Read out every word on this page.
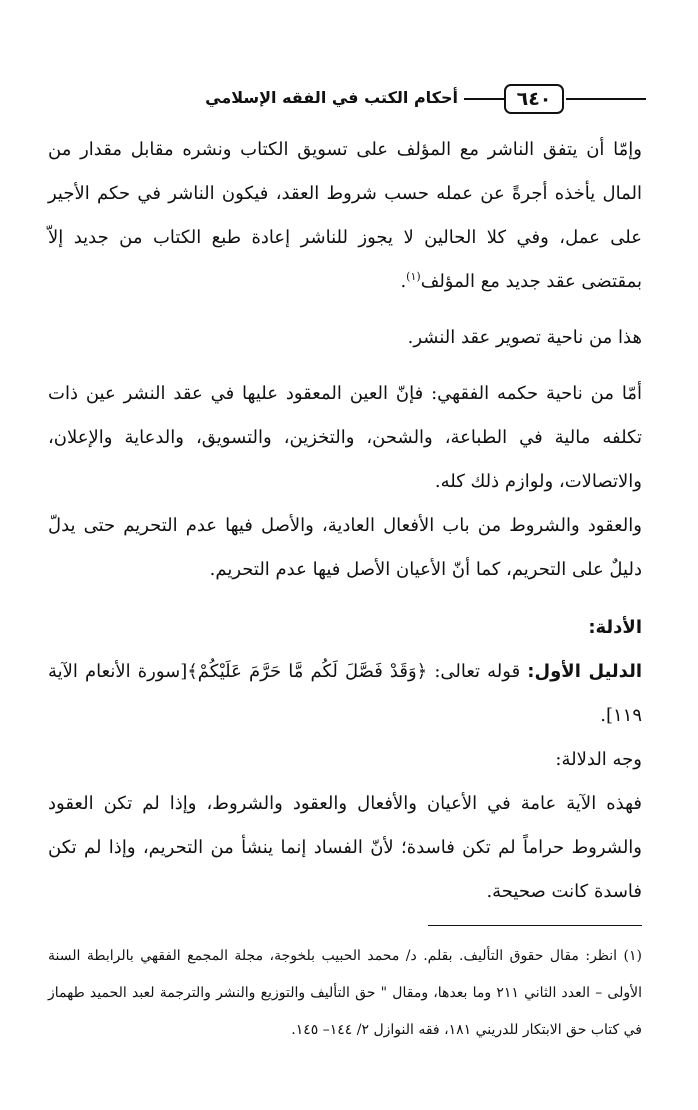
٦٤٠
أحكام الكتب في الفقه الإسلامي

وإمّا أن يتفق الناشر مع المؤلف على تسويق الكتاب ونشره مقابل مقدار من المال يأخذه أجرةً عن عمله حسب شروط العقد، فيكون الناشر في حكم الأجير على عمل، وفي كلا الحالين لا يجوز للناشر إعادة طبع الكتاب من جديد إلاّ بمقتضى عقد جديد مع المؤلف$^{(١)}$.

هذا من ناحية تصوير عقد النشر.

أمّا من ناحية حكمه الفقهي: فإنّ العين المعقود عليها في عقد النشر عين ذات تكلفه مالية في الطباعة، والشحن، والتخزين، والتسويق، والدعاية والإعلان، والاتصالات، ولوازم ذلك كله.

والعقود والشروط من باب الأفعال العادية، والأصل فيها عدم التحريم حتى يدلّ دليلٌ على التحريم، كما أنّ الأعيان الأصل فيها عدم التحريم.

الأدلة:

الدليل الأول: قوله تعالى: ﴿وَقَدْ فَصَّلَ لَكُم مَّا حَرَّمَ عَلَيْكُمْ﴾[سورة الأنعام الآية ١١٩].

وجه الدلالة:

فهذه الآية عامة في الأعيان والأفعال والعقود والشروط، وإذا لم تكن العقود والشروط حراماً لم تكن فاسدة؛ لأنّ الفساد إنما ينشأ من التحريم، وإذا لم تكن فاسدة كانت صحيحة.

(١) انظر: مقال حقوق التأليف. بقلم. د/ محمد الحبيب بلخوجة، مجلة المجمع الفقهي بالرابطة السنة الأولى – العدد الثاني ٢١١ وما بعدها، ومقال " حق التأليف والتوزيع والنشر والترجمة لعبد الحميد طهماز في كتاب حق الابتكار للدريني ١٨١، فقه النوازل ٢/ ١٤٤– ١٤٥.
